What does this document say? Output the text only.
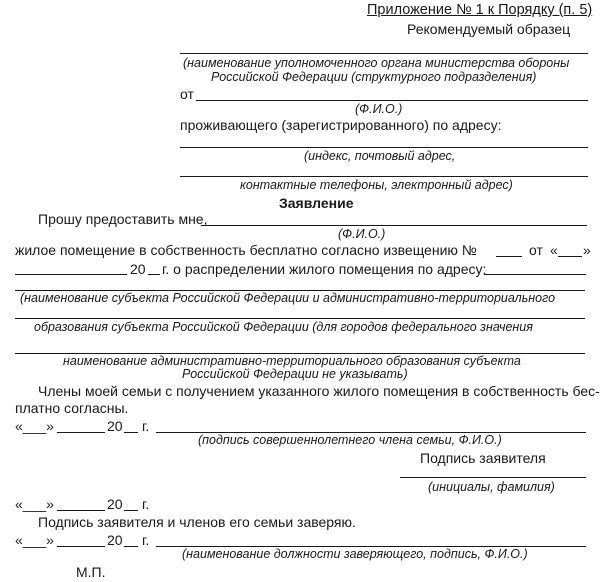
Приложение № 1 к Порядку (п. 5)
Рекомендуемый образец
(наименование уполномоченного органа министерства обороны
Российской Федерации (структурного подразделения)
от
(Ф.И.О.)
проживающего (зарегистрированного) по адресу:
(индекс, почтовый адрес,
контактные телефоны, электронный адрес)
Заявление
Прошу предоставить мне,
(Ф.И.О.)
жилое помещение в собственность бесплатно согласно извещению №	от « »
20 г. о распределении жилого помещения по адресу:
(наименование субъекта Российской Федерации и административно-территориального
образования субъекта Российской Федерации (для городов федерального значения
наименование административно-территориального образования субъекта
Российской Федерации не указывать)
Члены моей семьи с получением указанного жилого помещения в собственность бес-
платно согласны.
«___»	20 г.
(подпись совершеннолетнего члена семьи, Ф.И.О.)
Подпись заявителя
(инициалы, фамилия)
«___»	20 г.
Подпись заявителя и членов его семьи заверяю.
«___»	20 г.
(наименование должности заверяющего, подпись, Ф.И.О.)
М.П.
